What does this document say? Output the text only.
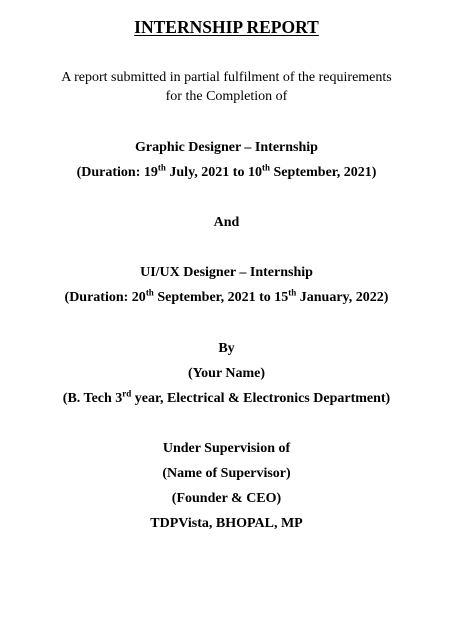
INTERNSHIP REPORT
A report submitted in partial fulfilment of the requirements
for the Completion of
Graphic Designer – Internship
(Duration: 19th July, 2021 to 10th September, 2021)
And
UI/UX Designer – Internship
(Duration: 20th September, 2021 to 15th January, 2022)
By
(Your Name)
(B. Tech 3rd year, Electrical & Electronics Department)
Under Supervision of
(Name of Supervisor)
(Founder & CEO)
TDPVista, BHOPAL, MP
